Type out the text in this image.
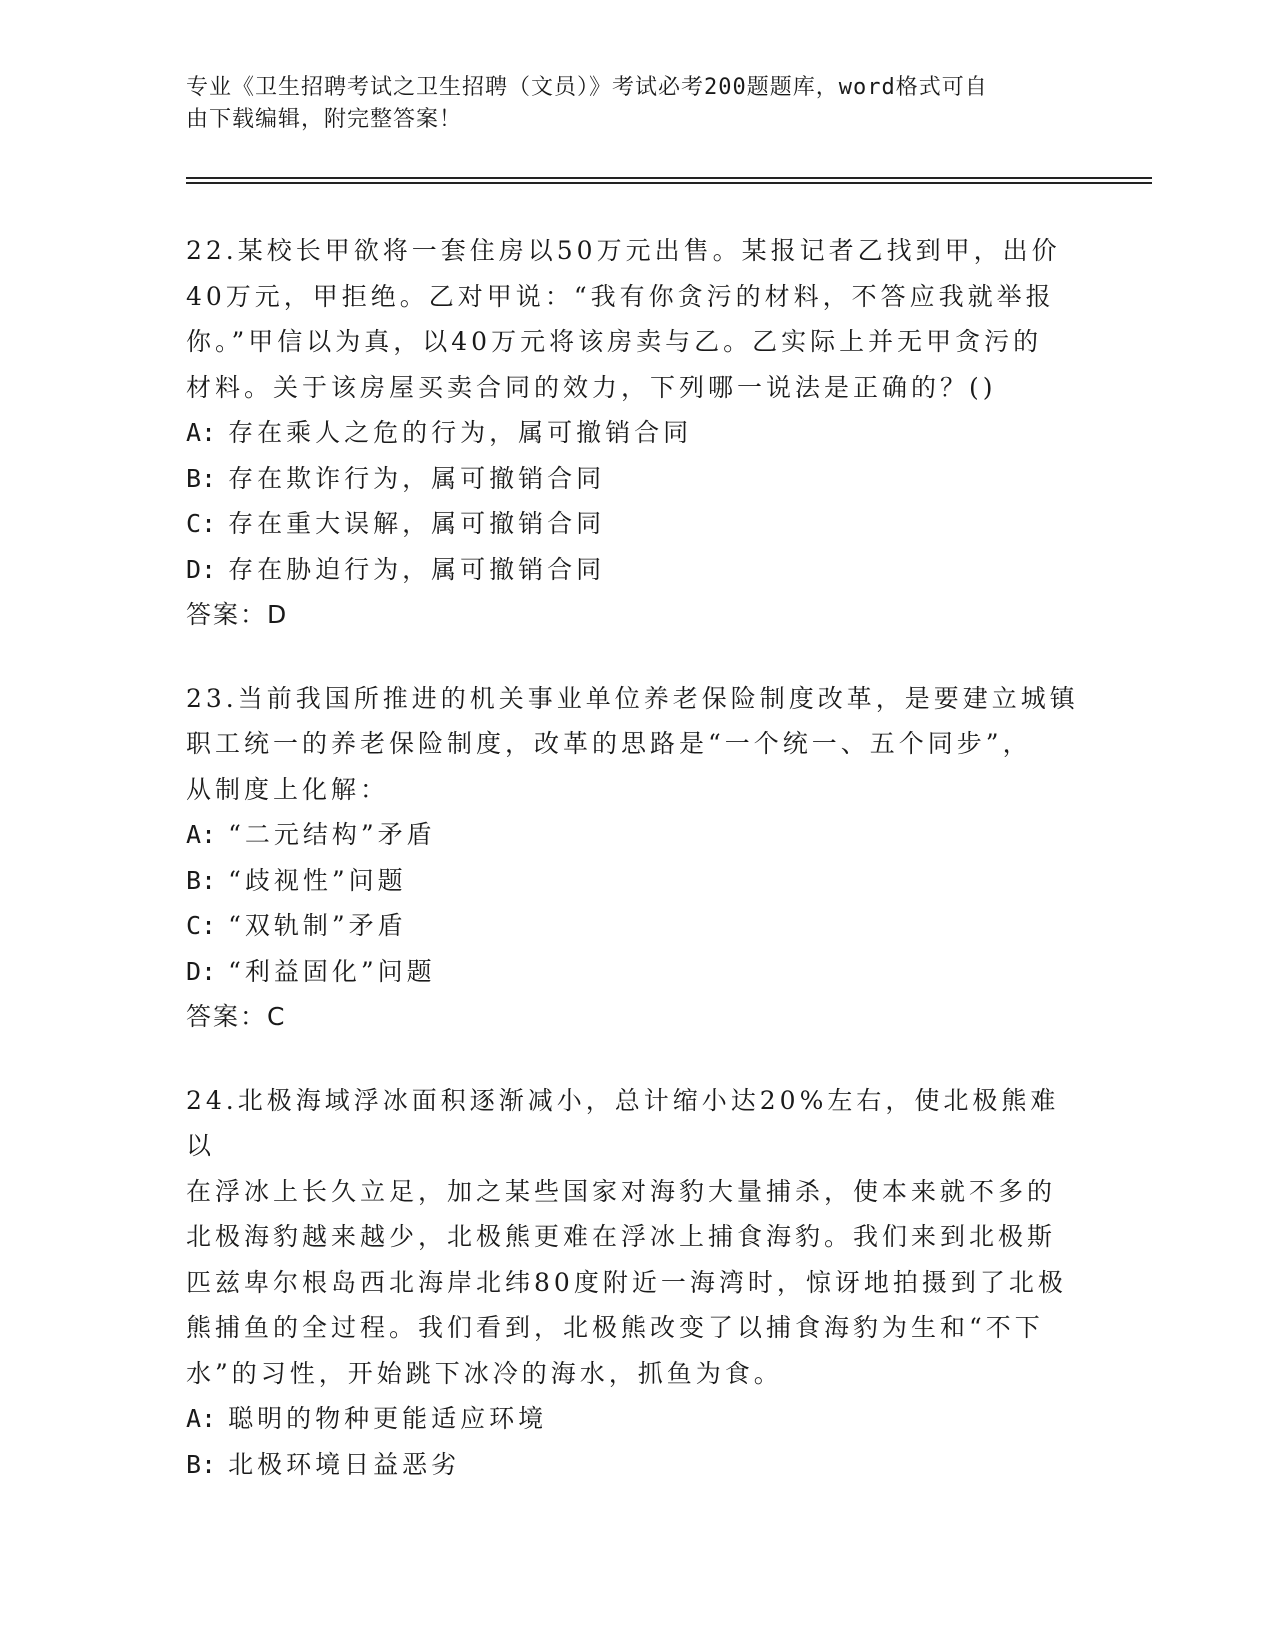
专业《卫生招聘考试之卫生招聘（文员）》考试必考200题题库，word格式可自
由下载编辑，附完整答案！

22.某校长甲欲将一套住房以50万元出售。某报记者乙找到甲，出价

40万元，甲拒绝。乙对甲说：“我有你贪污的材料，不答应我就举报

你。”甲信以为真，以40万元将该房卖与乙。乙实际上并无甲贪污的

材料。关于该房屋买卖合同的效力，下列哪一说法是正确的？()

A: 存在乘人之危的行为，属可撤销合同

B: 存在欺诈行为，属可撤销合同

C: 存在重大误解，属可撤销合同

D: 存在胁迫行为，属可撤销合同

答案：D

23.当前我国所推进的机关事业单位养老保险制度改革，是要建立城镇

职工统一的养老保险制度，改革的思路是“一个统一、五个同步”，

从制度上化解：

A: “二元结构”矛盾

B: “歧视性”问题

C: “双轨制”矛盾

D: “利益固化”问题

答案：C

24.北极海域浮冰面积逐渐减小，总计缩小达20%左右，使北极熊难以

在浮冰上长久立足，加之某些国家对海豹大量捕杀，使本来就不多的

北极海豹越来越少，北极熊更难在浮冰上捕食海豹。我们来到北极斯

匹兹卑尔根岛西北海岸北纬80度附近一海湾时，惊讶地拍摄到了北极

熊捕鱼的全过程。我们看到，北极熊改变了以捕食海豹为生和“不下

水”的习性，开始跳下冰冷的海水，抓鱼为食。

A: 聪明的物种更能适应环境

B: 北极环境日益恶劣
